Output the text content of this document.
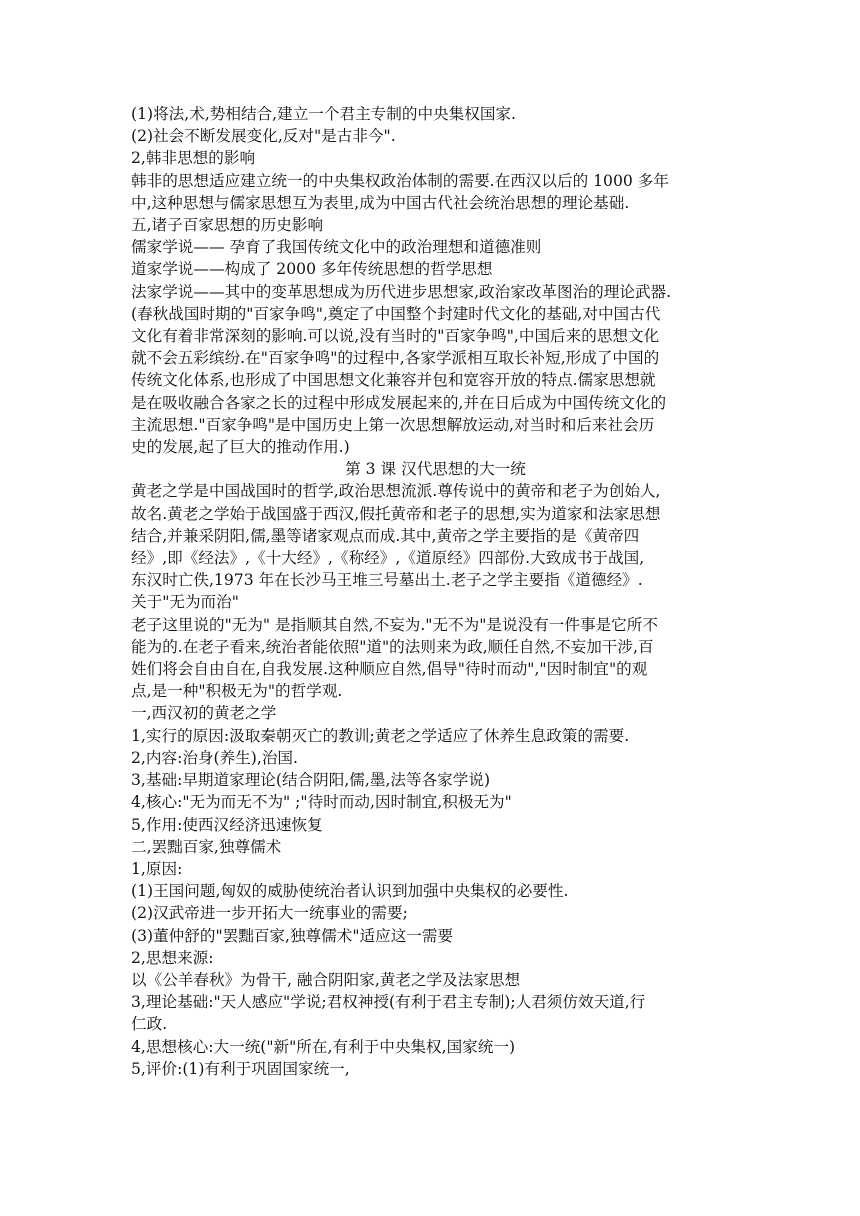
(1)将法,术,势相结合,建立一个君主专制的中央集权国家.

(2)社会不断发展变化,反对"是古非今".

2,韩非思想的影响

韩非的思想适应建立统一的中央集权政治体制的需要.在西汉以后的 1000 多年

中,这种思想与儒家思想互为表里,成为中国古代社会统治思想的理论基础.

五,诸子百家思想的历史影响

儒家学说—— 孕育了我国传统文化中的政治理想和道德准则

道家学说——构成了 2000 多年传统思想的哲学思想

法家学说——其中的变革思想成为历代进步思想家,政治家改革图治的理论武器.

(春秋战国时期的"百家争鸣",奠定了中国整个封建时代文化的基础,对中国古代

文化有着非常深刻的影响.可以说,没有当时的"百家争鸣",中国后来的思想文化

就不会五彩缤纷.在"百家争鸣"的过程中,各家学派相互取长补短,形成了中国的

传统文化体系,也形成了中国思想文化兼容并包和宽容开放的特点.儒家思想就

是在吸收融合各家之长的过程中形成发展起来的,并在日后成为中国传统文化的

主流思想."百家争鸣"是中国历史上第一次思想解放运动,对当时和后来社会历

史的发展,起了巨大的推动作用.)

第 3 课 汉代思想的大一统

黄老之学是中国战国时的哲学,政治思想流派.尊传说中的黄帝和老子为创始人,

故名.黄老之学始于战国盛于西汉,假托黄帝和老子的思想,实为道家和法家思想

结合,并兼采阴阳,儒,墨等诸家观点而成.其中,黄帝之学主要指的是《黄帝四

经》,即《经法》,《十大经》,《称经》,《道原经》四部份.大致成书于战国,

东汉时亡佚,1973 年在长沙马王堆三号墓出土.老子之学主要指《道德经》.

关于"无为而治"

老子这里说的"无为" 是指顺其自然,不妄为."无不为"是说没有一件事是它所不

能为的.在老子看来,统治者能依照"道"的法则来为政,顺任自然,不妄加干涉,百

姓们将会自由自在,自我发展.这种顺应自然,倡导"待时而动","因时制宜"的观

点,是一种"积极无为"的哲学观.

一,西汉初的黄老之学

1,实行的原因:汲取秦朝灭亡的教训;黄老之学适应了休养生息政策的需要.

2,内容:治身(养生),治国.

3,基础:早期道家理论(结合阴阳,儒,墨,法等各家学说)

4,核心:"无为而无不为" ;"待时而动,因时制宜,积极无为"

5,作用:使西汉经济迅速恢复

二,罢黜百家,独尊儒术

1,原因:

(1)王国问题,匈奴的威胁使统治者认识到加强中央集权的必要性.

(2)汉武帝进一步开拓大一统事业的需要;

(3)董仲舒的"罢黜百家,独尊儒术"适应这一需要

2,思想来源:

以《公羊春秋》为骨干, 融合阴阳家,黄老之学及法家思想

3,理论基础:"天人感应"学说;君权神授(有利于君主专制);人君须仿效天道,行

仁政.

4,思想核心:大一统("新"所在,有利于中央集权,国家统一)

5,评价:(1)有利于巩固国家统一,
